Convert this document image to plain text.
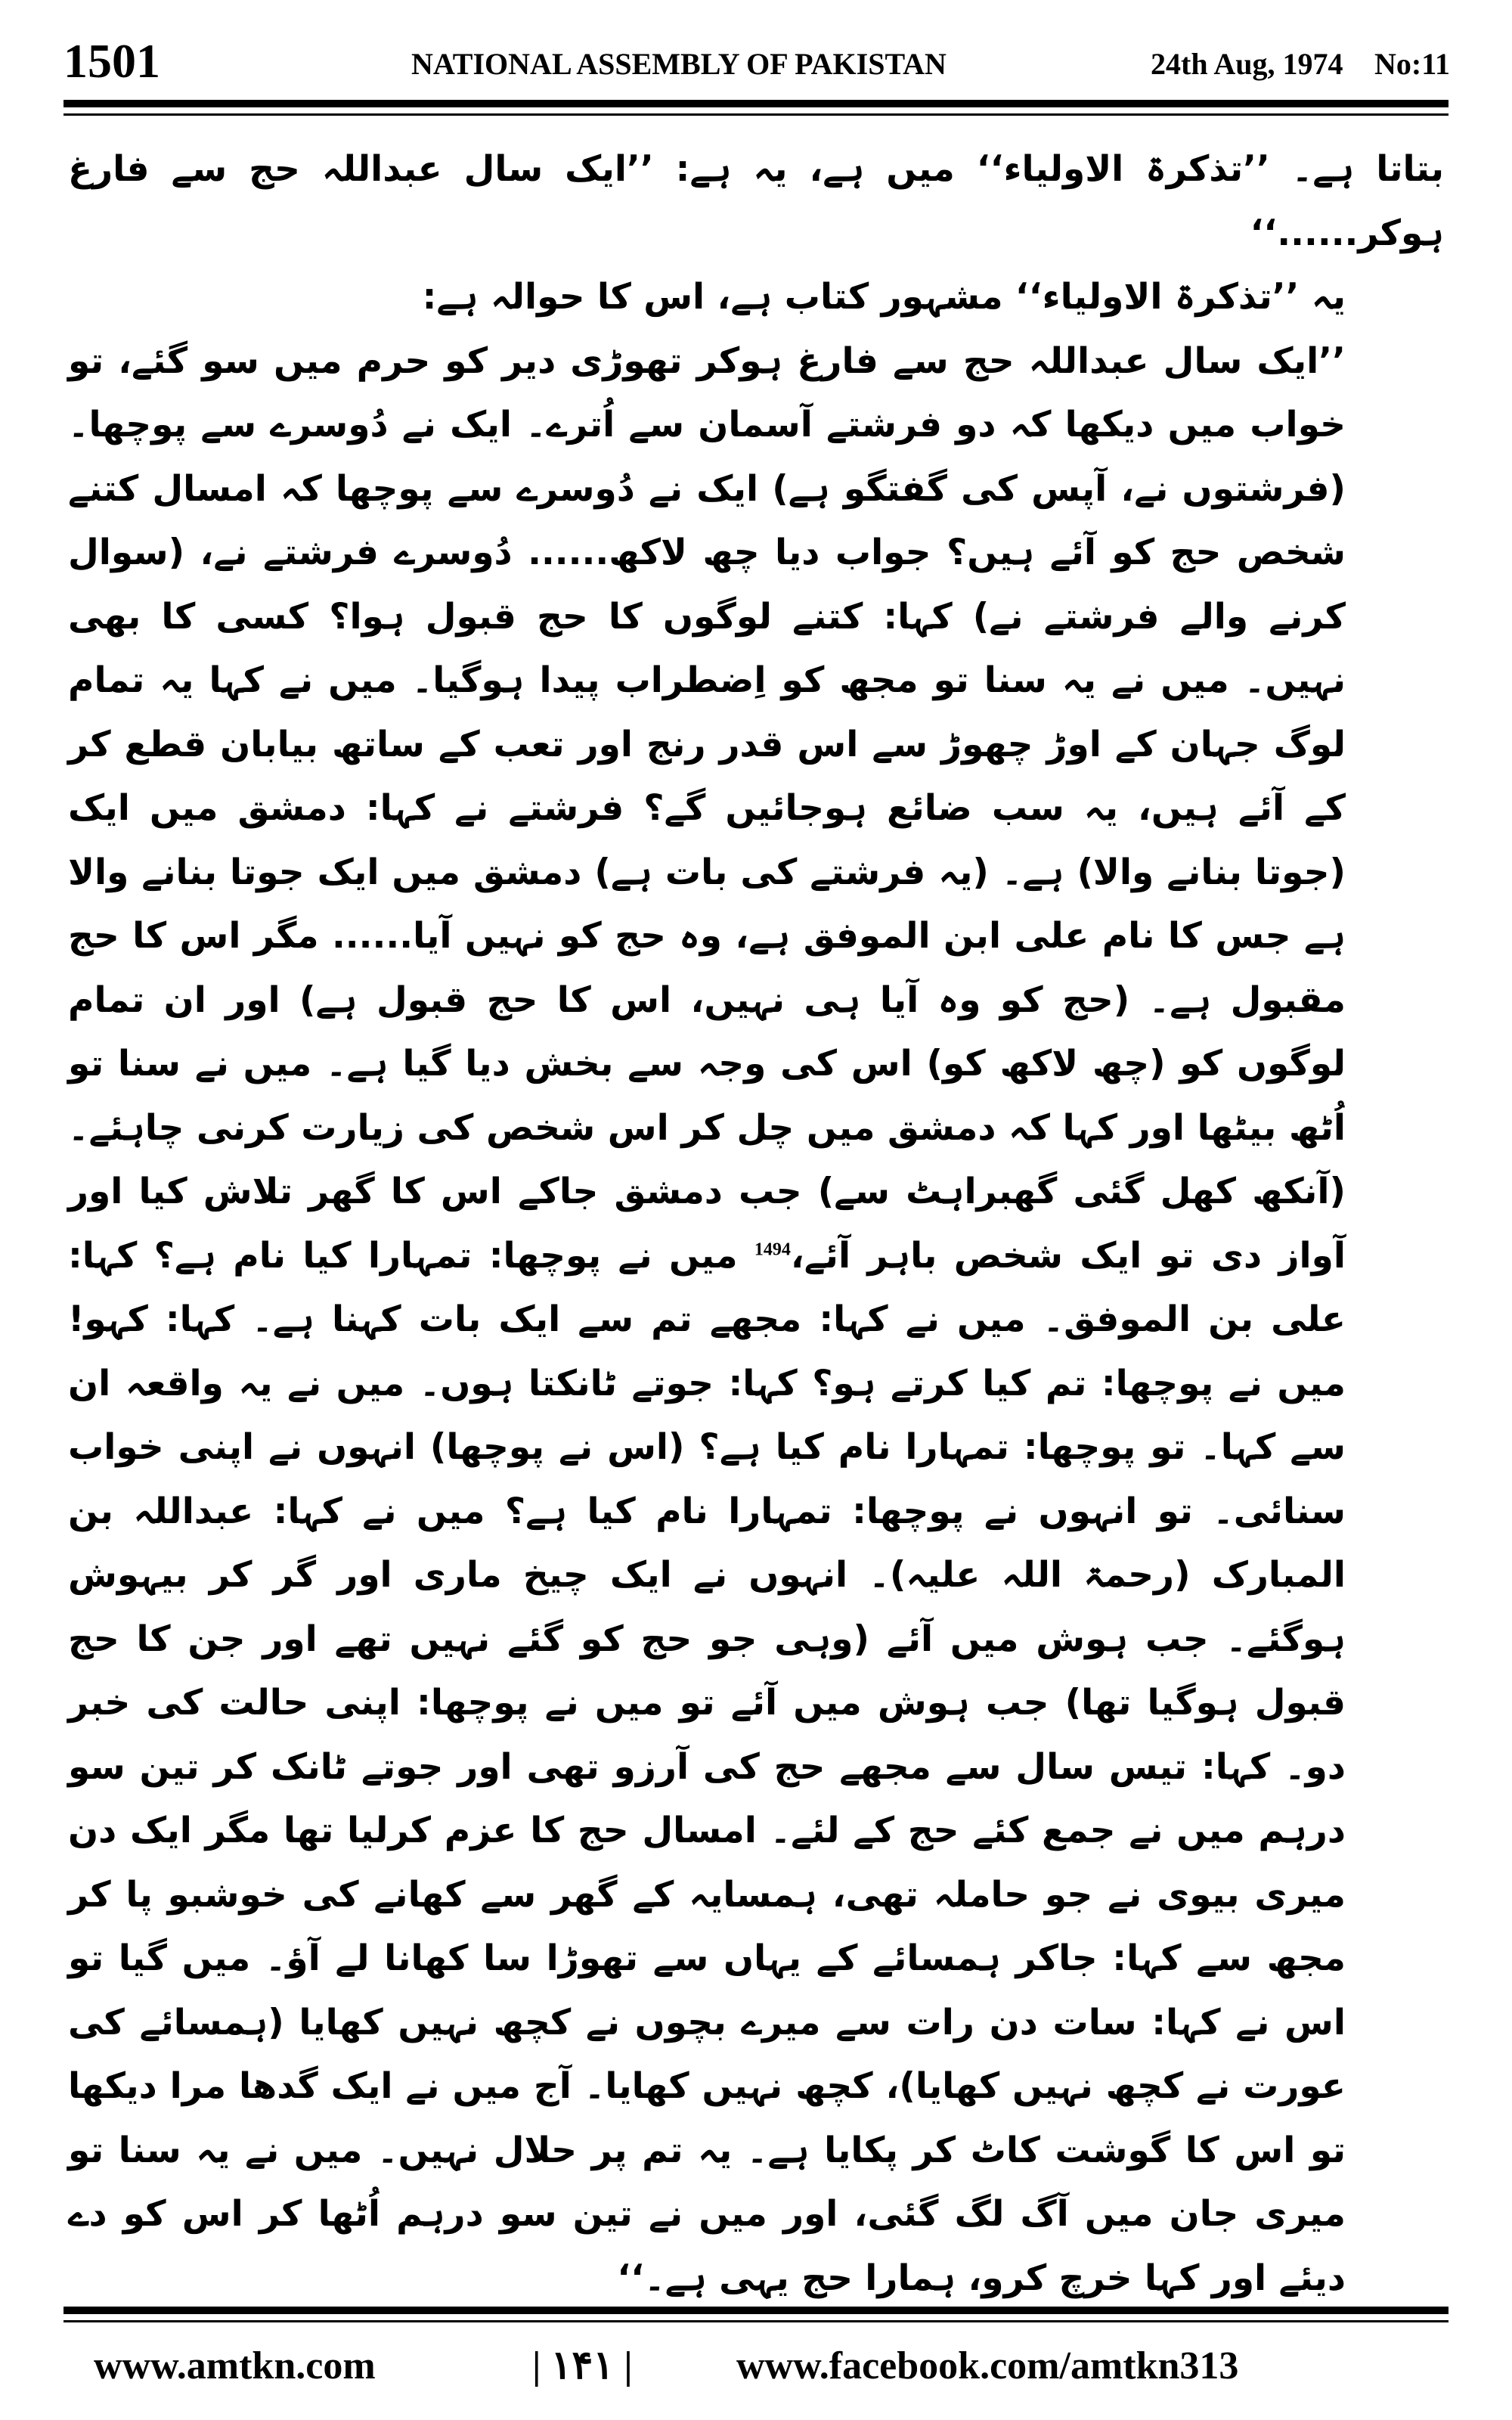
1501	NATIONAL ASSEMBLY OF PAKISTAN	24th Aug, 1974 No:11

بتاتا ہے۔ ’’تذکرۃ الاولیاء‘‘ میں ہے، یہ ہے: ’’ایک سال عبداللہ حج سے فارغ ہوکر......‘‘

یہ ’’تذکرۃ الاولیاء‘‘ مشہور کتاب ہے، اس کا حوالہ ہے:

’’ایک سال عبداللہ حج سے فارغ ہوکر تھوڑی دیر کو حرم میں سو گئے، تو خواب میں دیکھا کہ دو فرشتے آسمان سے اُترے۔ ایک نے دُوسرے سے پوچھا۔ (فرشتوں نے، آپس کی گفتگو ہے) ایک نے دُوسرے سے پوچھا کہ امسال کتنے شخص حج کو آئے ہیں؟ جواب دیا چھ لاکھ...... دُوسرے فرشتے نے، (سوال کرنے والے فرشتے نے) کہا: کتنے لوگوں کا حج قبول ہوا؟ کسی کا بھی نہیں۔ میں نے یہ سنا تو مجھ کو اِضطراب پیدا ہوگیا۔ میں نے کہا یہ تمام لوگ جہان کے اوڑ چھوڑ سے اس قدر رنج اور تعب کے ساتھ بیابان قطع کر کے آئے ہیں، یہ سب ضائع ہوجائیں گے؟ فرشتے نے کہا: دمشق میں ایک (جوتا بنانے والا) ہے۔ (یہ فرشتے کی بات ہے) دمشق میں ایک جوتا بنانے والا ہے جس کا نام علی ابن الموفق ہے، وہ حج کو نہیں آیا...... مگر اس کا حج مقبول ہے۔ (حج کو وہ آیا ہی نہیں، اس کا حج قبول ہے) اور ان تمام لوگوں کو (چھ لاکھ کو) اس کی وجہ سے بخش دیا گیا ہے۔ میں نے سنا تو اُٹھ بیٹھا اور کہا کہ دمشق میں چل کر اس شخص کی زیارت کرنی چاہئے۔ (آنکھ کھل گئی گھبراہٹ سے) جب دمشق جاکے اس کا گھر تلاش کیا اور آواز دی تو ایک شخص باہر آئے،$^{1494}$ میں نے پوچھا: تمہارا کیا نام ہے؟ کہا: علی بن الموفق۔ میں نے کہا: مجھے تم سے ایک بات کہنا ہے۔ کہا: کہو! میں نے پوچھا: تم کیا کرتے ہو؟ کہا: جوتے ٹانکتا ہوں۔ میں نے یہ واقعہ ان سے کہا۔ تو پوچھا: تمہارا نام کیا ہے؟ (اس نے پوچھا) انہوں نے اپنی خواب سنائی۔ تو انہوں نے پوچھا: تمہارا نام کیا ہے؟ میں نے کہا: عبداللہ بن المبارک (رحمۃ اللہ علیہ)۔ انہوں نے ایک چیخ ماری اور گر کر بیہوش ہوگئے۔ جب ہوش میں آئے (وہی جو حج کو گئے نہیں تھے اور جن کا حج قبول ہوگیا تھا) جب ہوش میں آئے تو میں نے پوچھا: اپنی حالت کی خبر دو۔ کہا: تیس سال سے مجھے حج کی آرزو تھی اور جوتے ٹانک کر تین سو درہم میں نے جمع کئے حج کے لئے۔ امسال حج کا عزم کرلیا تھا مگر ایک دن میری بیوی نے جو حاملہ تھی، ہمسایہ کے گھر سے کھانے کی خوشبو پا کر مجھ سے کہا: جاکر ہمسائے کے یہاں سے تھوڑا سا کھانا لے آؤ۔ میں گیا تو اس نے کہا: سات دن رات سے میرے بچوں نے کچھ نہیں کھایا (ہمسائے کی عورت نے کچھ نہیں کھایا)، کچھ نہیں کھایا۔ آج میں نے ایک گدھا مرا دیکھا تو اس کا گوشت کاٹ کر پکایا ہے۔ یہ تم پر حلال نہیں۔ میں نے یہ سنا تو میری جان میں آگ لگ گئی، اور میں نے تین سو درہم اُٹھا کر اس کو دے دیئے اور کہا خرچ کرو، ہمارا حج یہی ہے۔‘‘

www.amtkn.com	| ۱۴۱ |	www.facebook.com/amtkn313
